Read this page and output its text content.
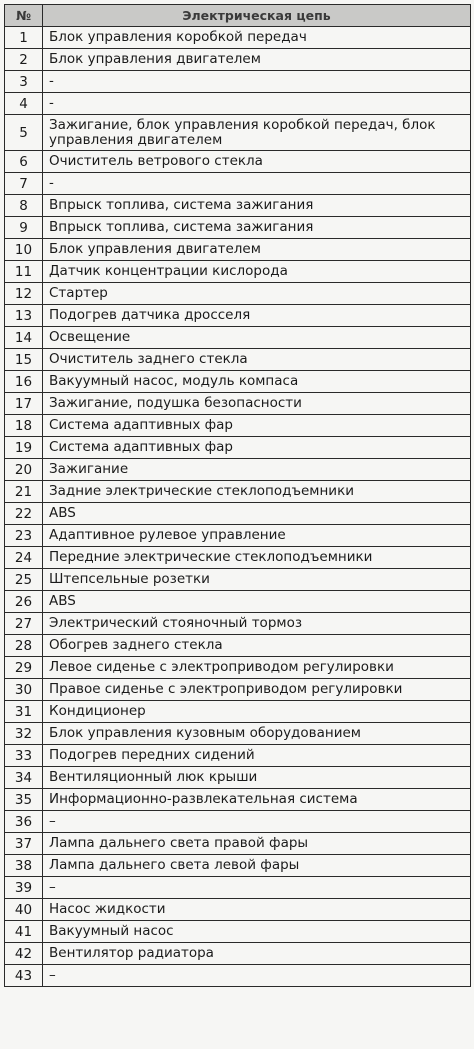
№	Электрическая цепь
1	Блок управления коробкой передач
2	Блок управления двигателем
3	-
4	-
5	Зажигание, блок управления коробкой передач, блок управления двигателем
6	Очиститель ветрового стекла
7	-
8	Впрыск топлива, система зажигания
9	Впрыск топлива, система зажигания
10	Блок управления двигателем
11	Датчик концентрации кислорода
12	Стартер
13	Подогрев датчика дросселя
14	Освещение
15	Очиститель заднего стекла
16	Вакуумный насос, модуль компаса
17	Зажигание, подушка безопасности
18	Система адаптивных фар
19	Система адаптивных фар
20	Зажигание
21	Задние электрические стеклоподъемники
22	ABS
23	Адаптивное рулевое управление
24	Передние электрические стеклоподъемники
25	Штепсельные розетки
26	ABS
27	Электрический стояночный тормоз
28	Обогрев заднего стекла
29	Левое сиденье с электроприводом регулировки
30	Правое сиденье с электроприводом регулировки
31	Кондиционер
32	Блок управления кузовным оборудованием
33	Подогрев передних сидений
34	Вентиляционный люк крыши
35	Информационно-развлекательная система
36	–
37	Лампа дальнего света правой фары
38	Лампа дальнего света левой фары
39	–
40	Насос жидкости
41	Вакуумный насос
42	Вентилятор радиатора
43	–
